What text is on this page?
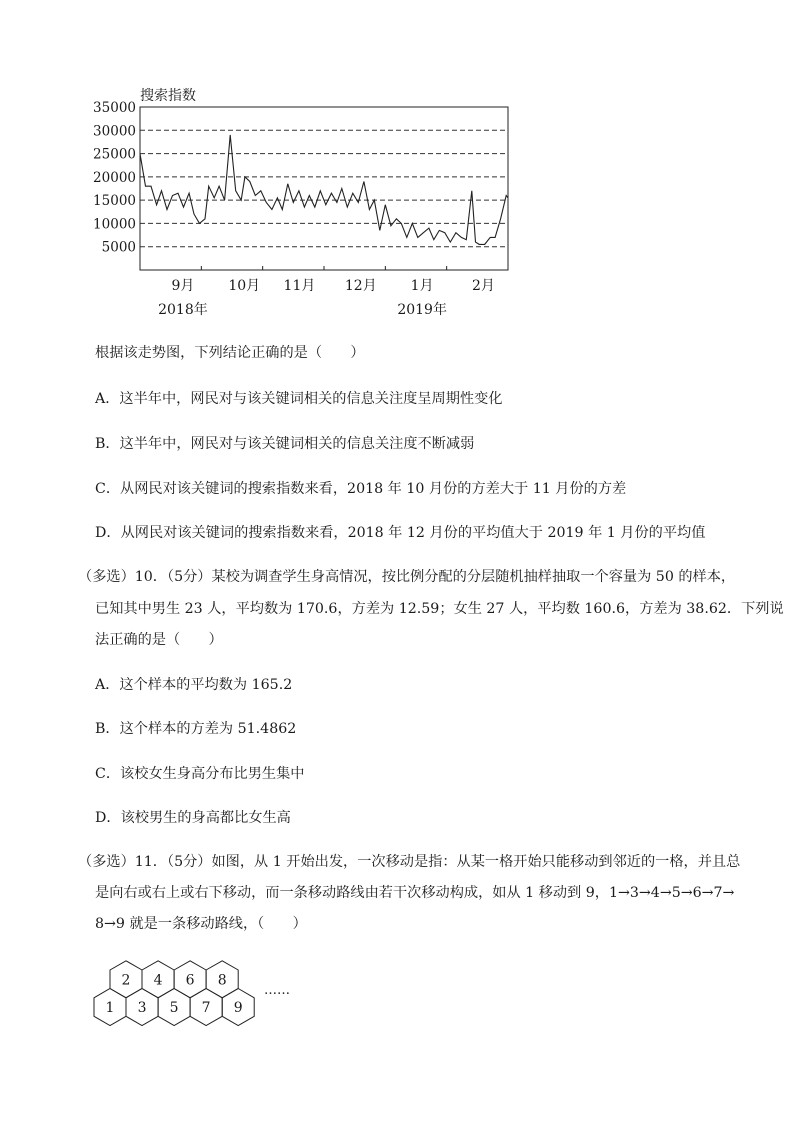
搜索指数
35000
30000
25000
20000
15000
10000
5000
9月 10月 11月 12月 1月	2月
2018年	2019年
根据该走势图，下列结论正确的是（　　）
A．这半年中，网民对与该关键词相关的信息关注度呈周期性变化
B．这半年中，网民对与该关键词相关的信息关注度不断减弱
C．从网民对该关键词的搜索指数来看，2018 年 10 月份的方差大于 11 月份的方差
D．从网民对该关键词的搜索指数来看，2018 年 12 月份的平均值大于 2019 年 1 月份的平均值
（多选）10．（5分）某校为调查学生身高情况，按比例分配的分层随机抽样抽取一个容量为 50 的样本，
已知其中男生 23 人，平均数为 170.6，方差为 12.59；女生 27 人，平均数 160.6，方差为 38.62．下列说
法正确的是（　　）
A．这个样本的平均数为 165.2
B．这个样本的方差为 51.4862
C．该校女生身高分布比男生集中
D．该校男生的身高都比女生高
（多选）11．（5分）如图，从 1 开始出发，一次移动是指：从某一格开始只能移动到邻近的一格，并且总
是向右或右上或右下移动，而一条移动路线由若干次移动构成，如从 1 移动到 9，1→3→4→5→6→7→
8→9 就是一条移动路线，（　　）
1 3 5 7 9
2 4 6 8
……
